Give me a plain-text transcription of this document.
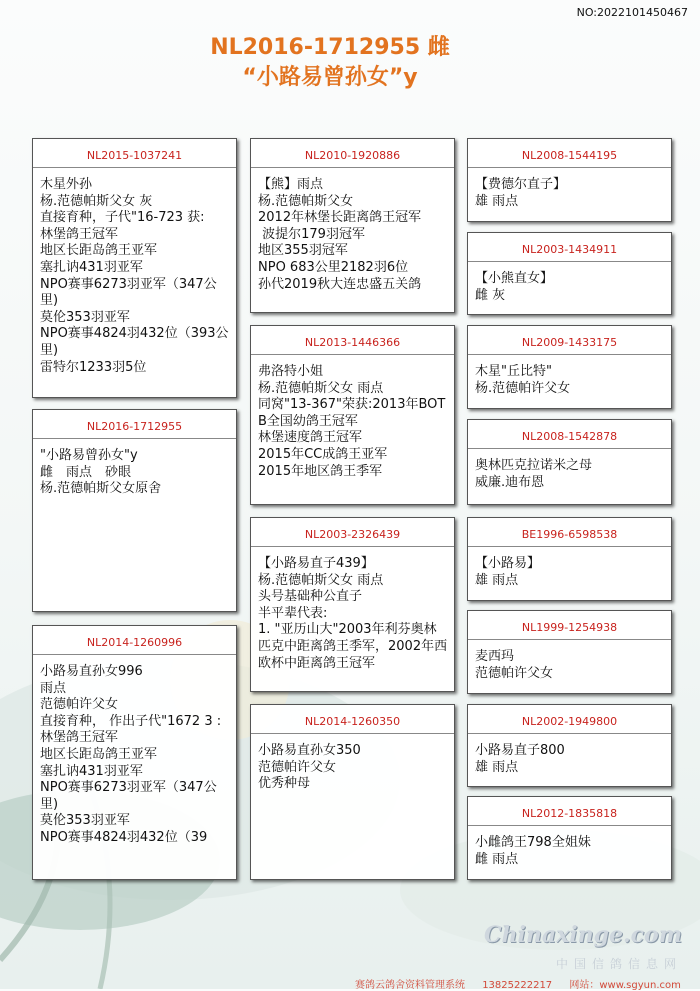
NO:2022101450467
NL2016-1712955 雌
“小路易曾孙女”y
NL2015-1037241
木星外孙
杨.范德帕斯父女 灰
直接育种，子代"16-723 获:
林堡鸽王冠军
地区长距岛鸽王亚军
塞扎讷431羽亚军
NPO赛事6273羽亚军（347公里)
莫伦353羽亚军
NPO赛事4824羽432位（393公里)
雷特尔1233羽5位
NL2016-1712955
"小路易曾孙女"y
雌　雨点　砂眼
杨.范德帕斯父女原舍
NL2014-1260996
小路易直孙女996
雨点
范德帕许父女
直接育种， 作出子代"1672 3 :
林堡鸽王冠军
地区长距岛鸽王亚军
塞扎讷431羽亚军
NPO赛事6273羽亚军（347公里)
莫伦353羽亚军
NPO赛事4824羽432位（39
NL2010-1920886
【熊】雨点
杨.范德帕斯父女
2012年林堡长距离鸽王冠军
波提尔179羽冠军
地区355羽冠军
NPO 683公里2182羽6位
孙代2019秋大连忠盛五关鸽
NL2013-1446366
弗洛特小姐
杨.范德帕斯父女 雨点
同窝"13-367"荣获:2013年BOTB全国幼鸽王冠军
林堡速度鸽王冠军
2015年CC成鸽王亚军
2015年地区鸽王季军
NL2003-2326439
【小路易直子439】
杨.范德帕斯父女 雨点
头号基础种公直子
半平辈代表:
1. "亚历山大"2003年利芬奥林匹克中距离鸽王季军，2002年西欧杯中距离鸽王冠军
NL2014-1260350
小路易直孙女350
范德帕许父女
优秀种母
NL2008-1544195
【费德尔直子】
雄 雨点
NL2003-1434911
【小熊直女】
雌 灰
NL2009-1433175
木星"丘比特"
杨.范德帕许父女
NL2008-1542878
奥林匹克拉诺米之母
威廉.迪布恩
BE1996-6598538
【小路易】
雄 雨点
NL1999-1254938
麦西玛
范德帕许父女
NL2002-1949800
小路易直子800
雄 雨点
NL2012-1835818
小雌鸽王798全姐妹
雌 雨点
Chinaxinge.com
中国信鸽信息网
赛鸽云鸽舍资料管理系统 13825222217 网站：www.sgyun.com
